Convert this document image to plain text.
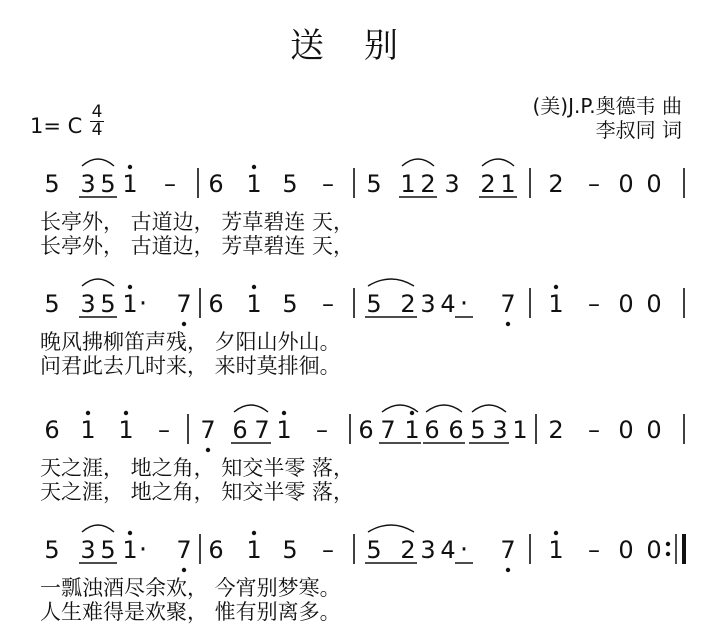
送别
(美)J.P.奥德韦 曲
李叔同 词
1= C $\frac{4}{4}$
5 3 5 1 – 6 1 5 – 5 1 2 3 2 1 2 – 0 0
5 3 5 1 · 7 6 1 5 – 5 2 3 4 · 7 1 – 0 0
6 1 1 – 7 6 7 1 – 6 7 1 6 6 5 3 1 2 – 0 0
5 3 5 1 · 7 6 1 5 – 5 2 3 4 · 7 1 – 0 0
长亭外， 古道边， 芳草碧连 天，
长亭外， 古道边， 芳草碧连 天，
晚风拂柳笛声残， 夕阳山外山。
问君此去几时来， 来时莫排徊。
天之涯， 地之角， 知交半零 落，
天之涯， 地之角， 知交半零 落，
一瓢浊酒尽余欢， 今宵别梦寒。
人生难得是欢聚， 惟有别离多。
